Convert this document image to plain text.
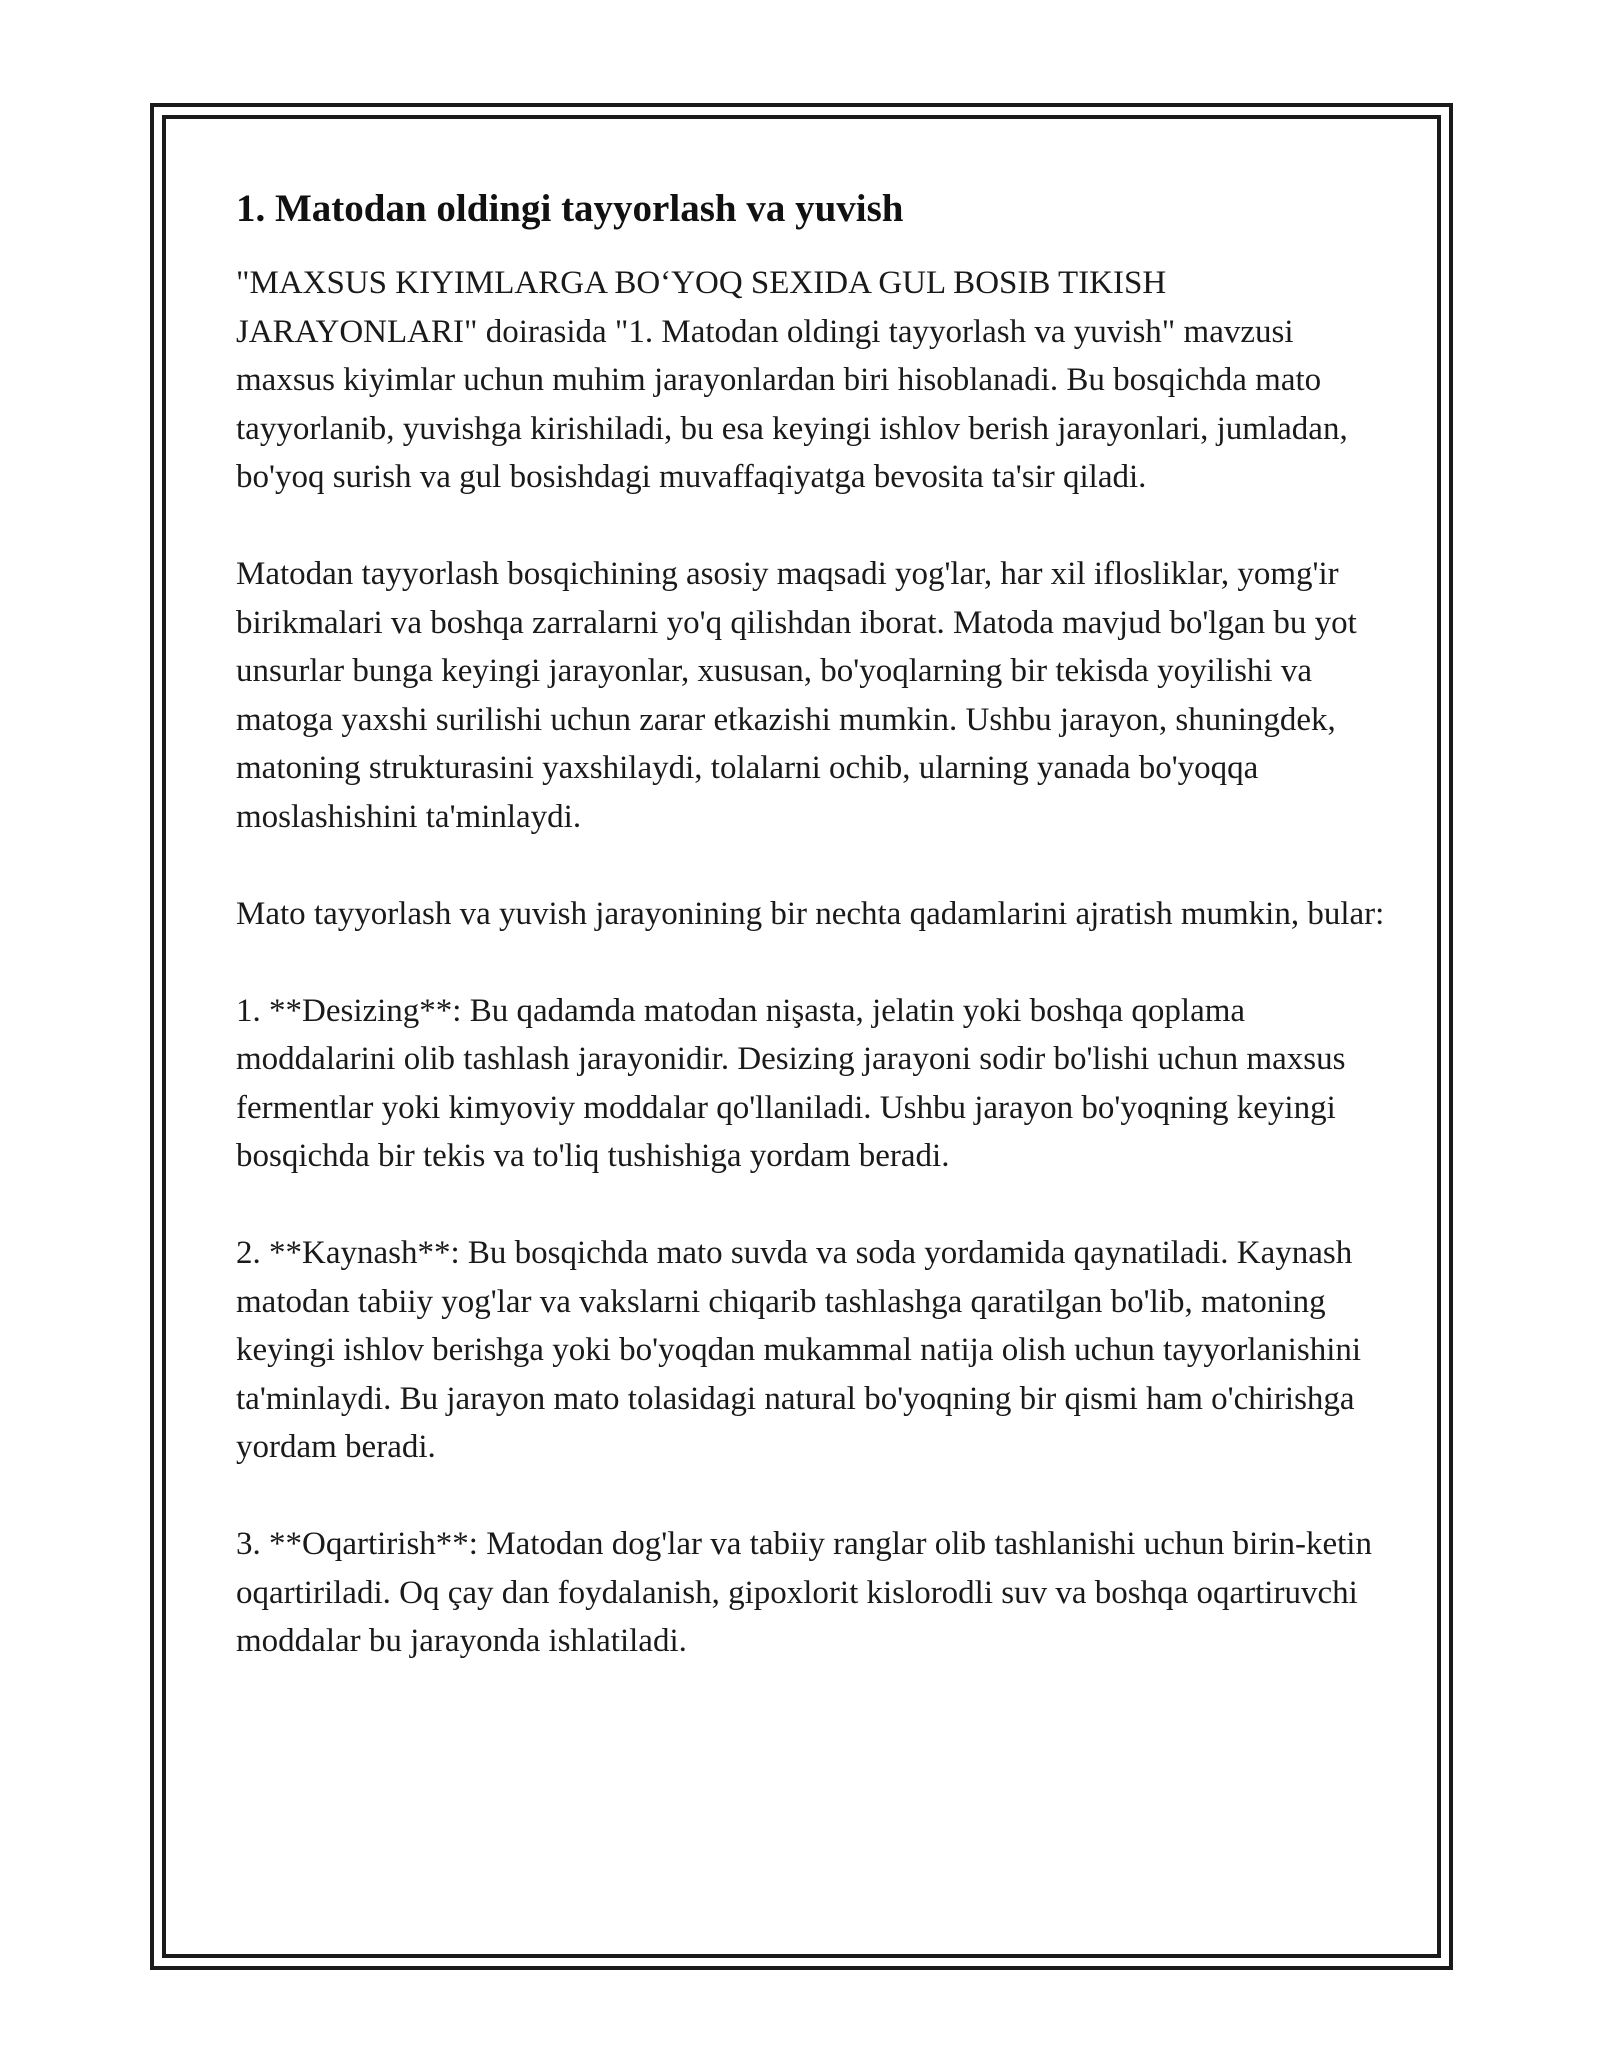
1. Matodan oldingi tayyorlash va yuvish

"MAXSUS KIYIMLARGA BO‘YOQ SEXIDA GUL BOSIB TIKISH JARAYONLARI" doirasida "1. Matodan oldingi tayyorlash va yuvish" mavzusi maxsus kiyimlar uchun muhim jarayonlardan biri hisoblanadi. Bu bosqichda mato tayyorlanib, yuvishga kirishiladi, bu esa keyingi ishlov berish jarayonlari, jumladan, bo'yoq surish va gul bosishdagi muvaffaqiyatga bevosita ta'sir qiladi.

Matodan tayyorlash bosqichining asosiy maqsadi yog'lar, har xil ifloslіklar, yomg'ir birikmalari va boshqa zarralarni yo'q qilishdan iborat. Matoda mavjud bo'lgan bu yot unsurlar bunga keyingi jarayonlar, xususan, bo'yoqlarning bir tekisda yoyilishi va matoga yaxshi surilishi uchun zarar etkazishi mumkin. Ushbu jarayon, shuningdek, matoning strukturasini yaxshilaydi, tolalarni ochib, ularning yanada bo'yoqqa moslashishini ta'minlaydi.

Mato tayyorlash va yuvish jarayonining bir nechta qadamlarini ajratish mumkin, bular:

1. **Desizing**: Bu qadamda matodan nişasta, jelatin yoki boshqa qoplama moddalarini olib tashlash jarayonidir. Desizing jarayoni sodir bo'lishi uchun maxsus fermentlar yoki kimyoviy moddalar qo'llaniladi. Ushbu jarayon bo'yoqning keyingi bosqichda bir tekis va to'liq tushishiga yordam beradi.

2. **Kaynash**: Bu bosqichda mato suvda va soda yordamida qaynatiladi. Kaynash matodan tabiiy yog'lar va vakslarni chiqarib tashlashga qaratilgan bo'lib, matoning keyingi ishlov berishga yoki bo'yoqdan mukammal natija olish uchun tayyorlanishini ta'minlaydi. Bu jarayon mato tolasidagi natural bo'yoqning bir qismi ham o'chirishga yordam beradi.

3. **Oqartirish**: Matodan dog'lar va tabiiy ranglar olib tashlanishi uchun birin-ketin oqartiriladi. Oq çay dan foydalanish, gipoxlorit kislorodli suv va boshqa oqartiruvchi moddalar bu jarayonda ishlatiladi.
